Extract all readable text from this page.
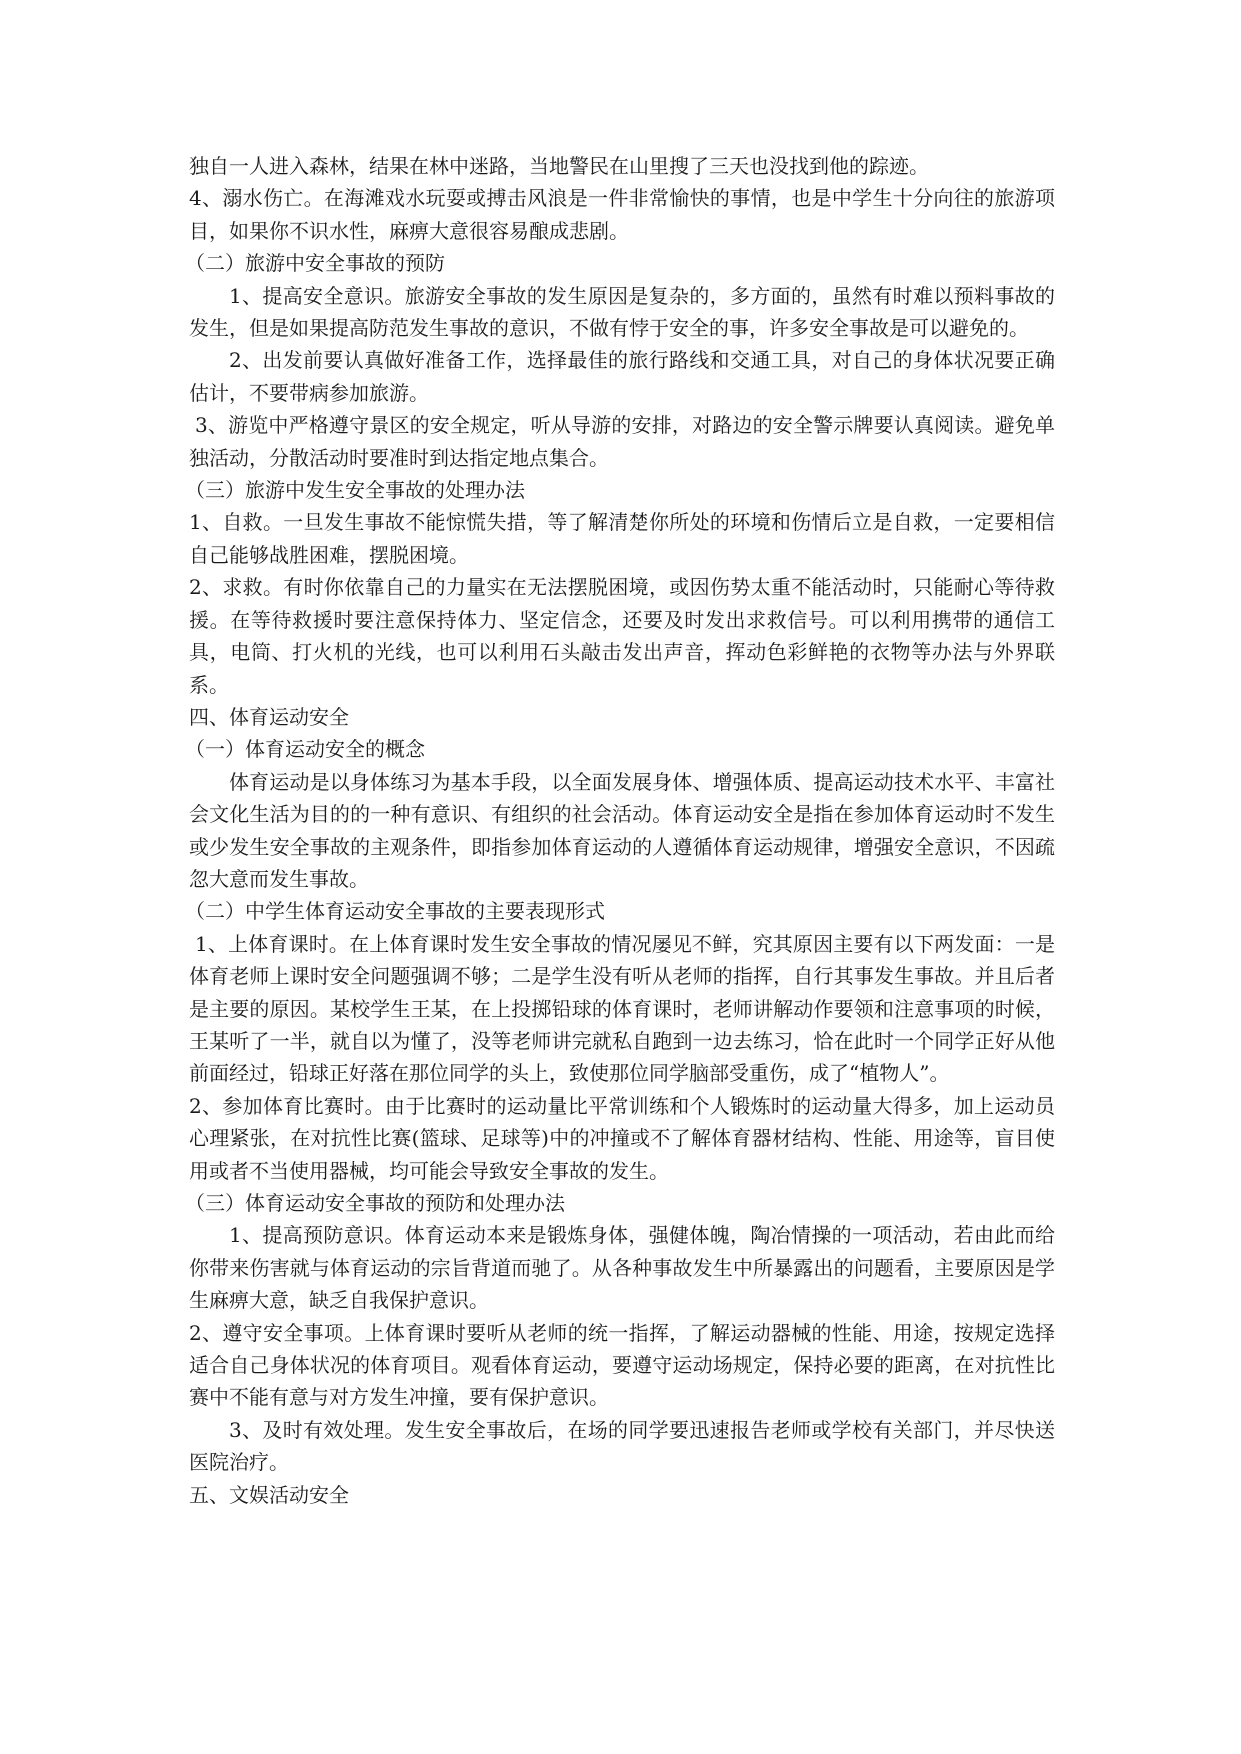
独自一人进入森林，结果在林中迷路，当地警民在山里搜了三天也没找到他的踪迹。

4、溺水伤亡。在海滩戏水玩耍或搏击风浪是一件非常愉快的事情，也是中学生十分向往的旅游项目，如果你不识水性，麻痹大意很容易酿成悲剧。

（二）旅游中安全事故的预防

1、提高安全意识。旅游安全事故的发生原因是复杂的，多方面的，虽然有时难以预料事故的发生，但是如果提高防范发生事故的意识，不做有悖于安全的事，许多安全事故是可以避免的。

2、出发前要认真做好准备工作，选择最佳的旅行路线和交通工具，对自己的身体状况要正确估计，不要带病参加旅游。

3、游览中严格遵守景区的安全规定，听从导游的安排，对路边的安全警示牌要认真阅读。避免单独活动，分散活动时要准时到达指定地点集合。

（三）旅游中发生安全事故的处理办法

1、自救。一旦发生事故不能惊慌失措，等了解清楚你所处的环境和伤情后立是自救，一定要相信自己能够战胜困难，摆脱困境。

2、求救。有时你依靠自己的力量实在无法摆脱困境，或因伤势太重不能活动时，只能耐心等待救援。在等待救援时要注意保持体力、坚定信念，还要及时发出求救信号。可以利用携带的通信工具，电筒、打火机的光线，也可以利用石头敲击发出声音，挥动色彩鲜艳的衣物等办法与外界联系。

四、体育运动安全

（一）体育运动安全的概念

体育运动是以身体练习为基本手段，以全面发展身体、增强体质、提高运动技术水平、丰富社会文化生活为目的的一种有意识、有组织的社会活动。体育运动安全是指在参加体育运动时不发生或少发生安全事故的主观条件，即指参加体育运动的人遵循体育运动规律，增强安全意识，不因疏忽大意而发生事故。

（二）中学生体育运动安全事故的主要表现形式

1、上体育课时。在上体育课时发生安全事故的情况屡见不鲜，究其原因主要有以下两发面：一是体育老师上课时安全问题强调不够；二是学生没有听从老师的指挥，自行其事发生事故。并且后者是主要的原因。某校学生王某，在上投掷铅球的体育课时，老师讲解动作要领和注意事项的时候，王某听了一半，就自以为懂了，没等老师讲完就私自跑到一边去练习，恰在此时一个同学正好从他前面经过，铅球正好落在那位同学的头上，致使那位同学脑部受重伤，成了“植物人”。

2、参加体育比赛时。由于比赛时的运动量比平常训练和个人锻炼时的运动量大得多，加上运动员心理紧张，在对抗性比赛(篮球、足球等)中的冲撞或不了解体育器材结构、性能、用途等，盲目使用或者不当使用器械，均可能会导致安全事故的发生。

（三）体育运动安全事故的预防和处理办法

1、提高预防意识。体育运动本来是锻炼身体，强健体魄，陶冶情操的一项活动，若由此而给你带来伤害就与体育运动的宗旨背道而驰了。从各种事故发生中所暴露出的问题看，主要原因是学生麻痹大意，缺乏自我保护意识。

2、遵守安全事项。上体育课时要听从老师的统一指挥，了解运动器械的性能、用途，按规定选择适合自己身体状况的体育项目。观看体育运动，要遵守运动场规定，保持必要的距离，在对抗性比赛中不能有意与对方发生冲撞，要有保护意识。

3、及时有效处理。发生安全事故后，在场的同学要迅速报告老师或学校有关部门，并尽快送医院治疗。

五、文娱活动安全
